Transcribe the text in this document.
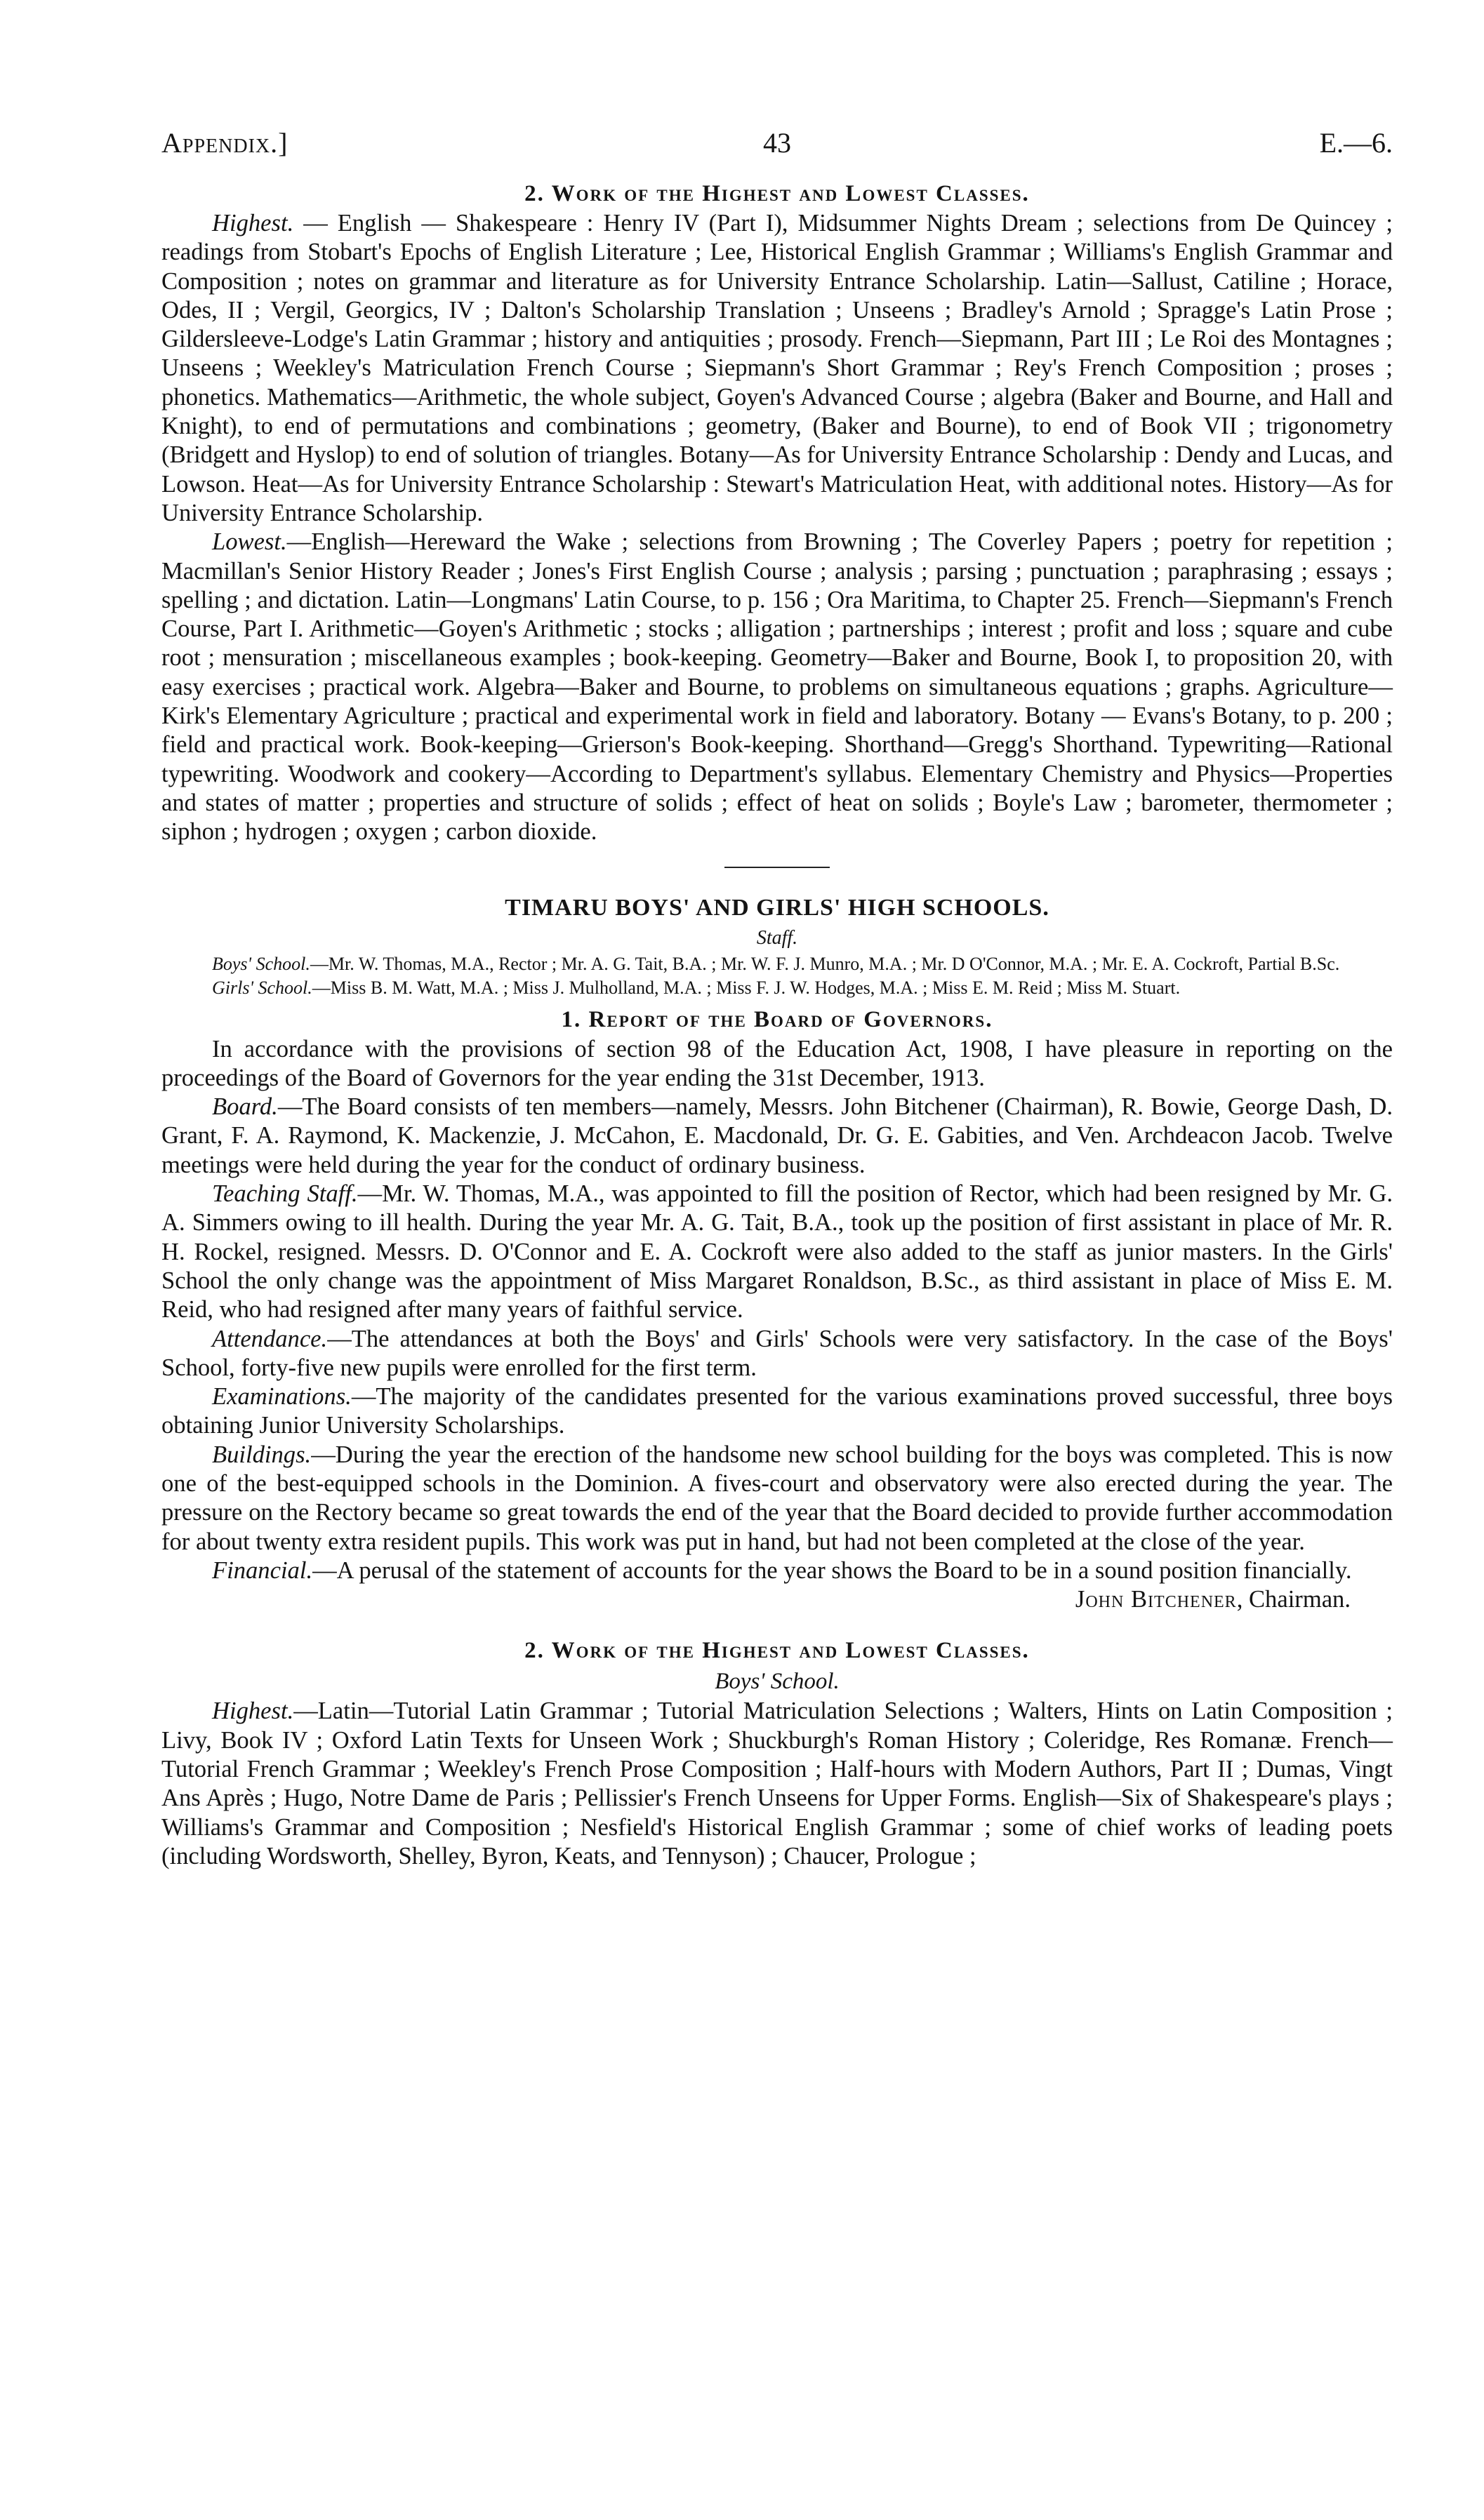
Appendix.]	43	E.—6.
2. Work of the Highest and Lowest Classes.

Highest. — English — Shakespeare : Henry IV (Part I), Midsummer Nights Dream ; selections from De Quincey ; readings from Stobart's Epochs of English Literature ; Lee, Historical English Grammar ; Williams's English Grammar and Composition ; notes on grammar and literature as for University Entrance Scholarship. Latin—Sallust, Catiline ; Horace, Odes, II ; Vergil, Georgics, IV ; Dalton's Scholarship Translation ; Unseens ; Bradley's Arnold ; Spragge's Latin Prose ; Gildersleeve-Lodge's Latin Grammar ; history and antiquities ; prosody. French—Siepmann, Part III ; Le Roi des Montagnes ; Unseens ; Weekley's Matriculation French Course ; Siepmann's Short Grammar ; Rey's French Composition ; proses ; phonetics. Mathematics—Arithmetic, the whole subject, Goyen's Advanced Course ; algebra (Baker and Bourne, and Hall and Knight), to end of permutations and combinations ; geometry, (Baker and Bourne), to end of Book VII ; trigonometry (Bridgett and Hyslop) to end of solution of triangles. Botany—As for University Entrance Scholarship : Dendy and Lucas, and Lowson. Heat—As for University Entrance Scholarship : Stewart's Matriculation Heat, with additional notes. History—As for University Entrance Scholarship.

Lowest.—English—Hereward the Wake ; selections from Browning ; The Coverley Papers ; poetry for repetition ; Macmillan's Senior History Reader ; Jones's First English Course ; analysis ; parsing ; punctuation ; paraphrasing ; essays ; spelling ; and dictation. Latin—Longmans' Latin Course, to p. 156 ; Ora Maritima, to Chapter 25. French—Siepmann's French Course, Part I. Arithmetic—Goyen's Arithmetic ; stocks ; alligation ; partnerships ; interest ; profit and loss ; square and cube root ; mensuration ; miscellaneous examples ; book-keeping. Geometry—Baker and Bourne, Book I, to proposition 20, with easy exercises ; practical work. Algebra—Baker and Bourne, to problems on simultaneous equations ; graphs. Agriculture—Kirk's Elementary Agriculture ; practical and experimental work in field and laboratory. Botany — Evans's Botany, to p. 200 ; field and practical work. Book-keeping—Grierson's Book-keeping. Shorthand—Gregg's Shorthand. Typewriting—Rational typewriting. Woodwork and cookery—According to Department's syllabus. Elementary Chemistry and Physics—Properties and states of matter ; properties and structure of solids ; effect of heat on solids ; Boyle's Law ; barometer, thermometer ; siphon ; hydrogen ; oxygen ; carbon dioxide.

TIMARU BOYS' AND GIRLS' HIGH SCHOOLS.
Staff.

Boys' School.—Mr. W. Thomas, M.A., Rector ; Mr. A. G. Tait, B.A. ; Mr. W. F. J. Munro, M.A. ; Mr. D O'Connor, M.A. ; Mr. E. A. Cockroft, Partial B.Sc.

Girls' School.—Miss B. M. Watt, M.A. ; Miss J. Mulholland, M.A. ; Miss F. J. W. Hodges, M.A. ; Miss E. M. Reid ; Miss M. Stuart.

1. Report of the Board of Governors.

In accordance with the provisions of section 98 of the Education Act, 1908, I have pleasure in reporting on the proceedings of the Board of Governors for the year ending the 31st December, 1913.

Board.—The Board consists of ten members—namely, Messrs. John Bitchener (Chairman), R. Bowie, George Dash, D. Grant, F. A. Raymond, K. Mackenzie, J. McCahon, E. Macdonald, Dr. G. E. Gabities, and Ven. Archdeacon Jacob. Twelve meetings were held during the year for the conduct of ordinary business.

Teaching Staff.—Mr. W. Thomas, M.A., was appointed to fill the position of Rector, which had been resigned by Mr. G. A. Simmers owing to ill health. During the year Mr. A. G. Tait, B.A., took up the position of first assistant in place of Mr. R. H. Rockel, resigned. Messrs. D. O'Connor and E. A. Cockroft were also added to the staff as junior masters. In the Girls' School the only change was the appointment of Miss Margaret Ronaldson, B.Sc., as third assistant in place of Miss E. M. Reid, who had resigned after many years of faithful service.

Attendance.—The attendances at both the Boys' and Girls' Schools were very satisfactory. In the case of the Boys' School, forty-five new pupils were enrolled for the first term.

Examinations.—The majority of the candidates presented for the various examinations proved successful, three boys obtaining Junior University Scholarships.

Buildings.—During the year the erection of the handsome new school building for the boys was completed. This is now one of the best-equipped schools in the Dominion. A fives-court and observatory were also erected during the year. The pressure on the Rectory became so great towards the end of the year that the Board decided to provide further accommodation for about twenty extra resident pupils. This work was put in hand, but had not been completed at the close of the year.

Financial.—A perusal of the statement of accounts for the year shows the Board to be in a sound position financially.

John Bitchener, Chairman.
2. Work of the Highest and Lowest Classes.
Boys' School.

Highest.—Latin—Tutorial Latin Grammar ; Tutorial Matriculation Selections ; Walters, Hints on Latin Composition ; Livy, Book IV ; Oxford Latin Texts for Unseen Work ; Shuckburgh's Roman History ; Coleridge, Res Romanæ. French—Tutorial French Grammar ; Weekley's French Prose Composition ; Half-hours with Modern Authors, Part II ; Dumas, Vingt Ans Après ; Hugo, Notre Dame de Paris ; Pellissier's French Unseens for Upper Forms. English—Six of Shakespeare's plays ; Williams's Grammar and Composition ; Nesfield's Historical English Grammar ; some of chief works of leading poets (including Wordsworth, Shelley, Byron, Keats, and Tennyson) ; Chaucer, Prologue ;
